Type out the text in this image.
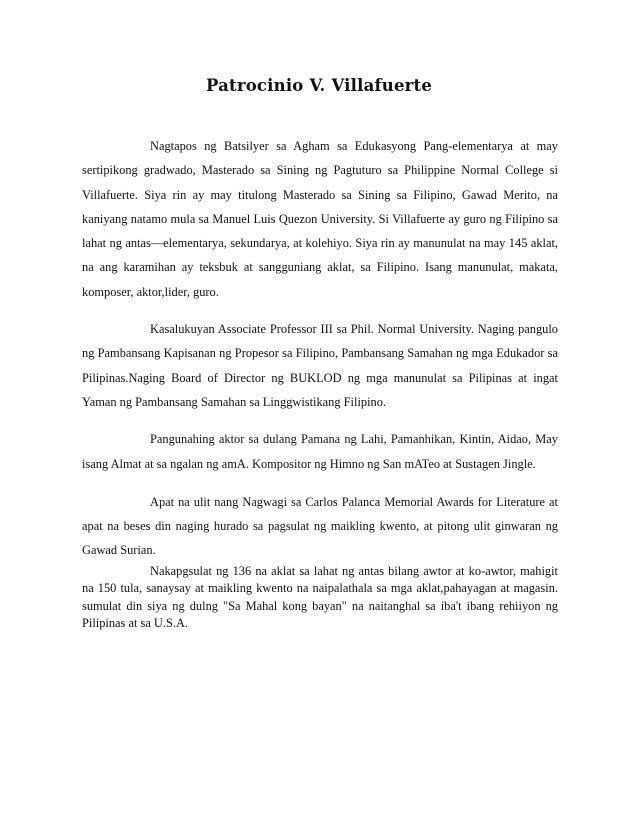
Patrocinio V. Villafuerte

Nagtapos ng Batsilyer sa Agham sa Edukasyong Pang-elementarya at may sertipikong gradwado, Masterado sa Sining ng Pagtuturo sa Philippine Normal College si Villafuerte. Siya rin ay may titulong Masterado sa Sining sa Filipino, Gawad Merito, na kaniyang natamo mula sa Manuel Luis Quezon University. Si Villafuerte ay guro ng Filipino sa lahat ng antas—elementarya, sekundarya, at kolehiyo. Siya rin ay manunulat na may 145 aklat, na ang karamihan ay teksbuk at sangguniang aklat, sa Filipino. Isang manunulat, makata, komposer, aktor,lider, guro.

Kasalukuyan Associate Professor III sa Phil. Normal University. Naging pangulo ng Pambansang Kapisanan ng Propesor sa Filipino, Pambansang Samahan ng mga Edukador sa Pilipinas.Naging Board of Director ng BUKLOD ng mga manunulat sa Pilipinas at ingat Yaman ng Pambansang Samahan sa Linggwistikang Filipino.

Pangunahing aktor sa dulang Pamana ng Lahi, Pamanhikan, Kintin, Aidao, May isang Almat at sa ngalan ng amA. Kompositor ng Himno ng San mATeo at Sustagen Jingle.

Apat na ulit nang Nagwagi sa Carlos Palanca Memorial Awards for Literature at apat na beses din naging hurado sa pagsulat ng maikling kwento, at pitong ulit ginwaran ng Gawad Surian.

Nakapgsulat ng 136 na aklat sa lahat ng antas bilang awtor at ko-awtor, mahigit na 150 tula, sanaysay at maikling kwento na naipalathala sa mga aklat,pahayagan at magasin. sumulat din siya ng dulng "Sa Mahal kong bayan" na naitanghal sa iba't ibang rehiiyon ng Pilipinas at sa U.S.A.
